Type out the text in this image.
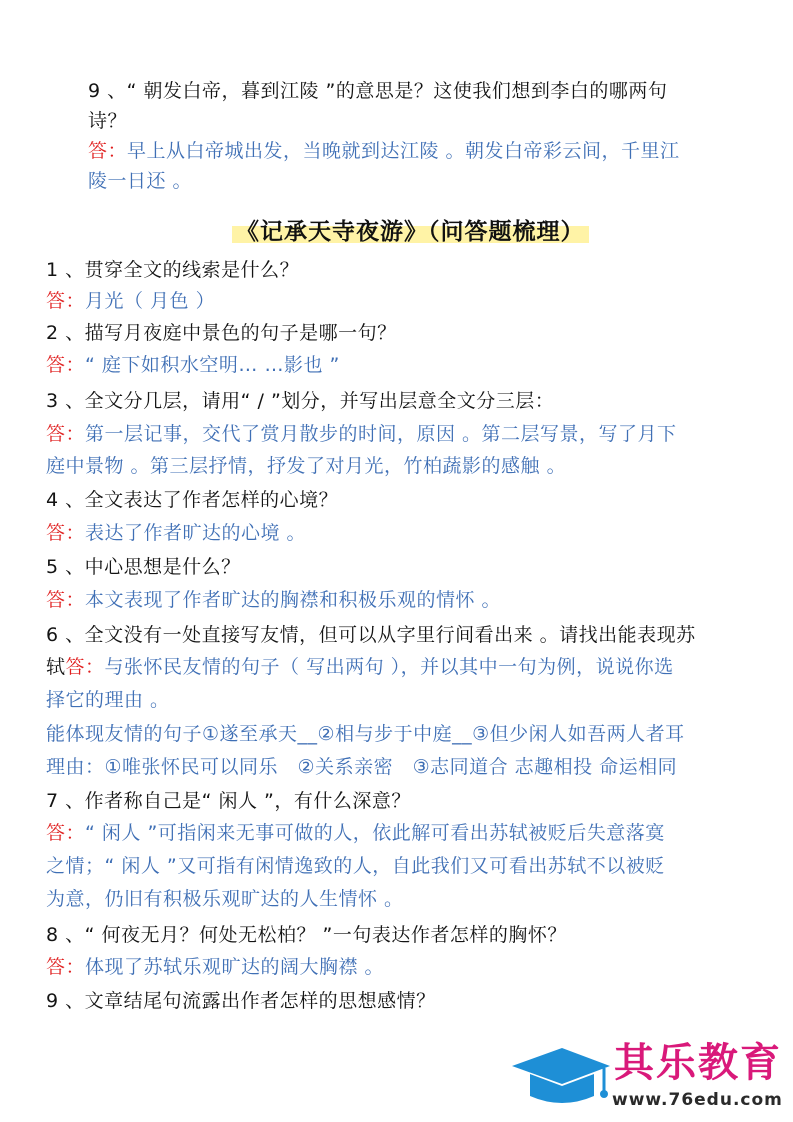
9 、“ 朝发白帝，暮到江陵 ”的意思是？这使我们想到李白的哪两句
诗？
答：早上从白帝城出发，当晚就到达江陵 。朝发白帝彩云间，千里江
陵一日还 。
《记承天寺夜游》（问答题梳理）
1 、贯穿全文的线索是什么？
答：月光（ 月色 ）
2 、描写月夜庭中景色的句子是哪一句？
答：“ 庭下如积水空明… …影也 ”
3 、全文分几层，请用“ / ”划分，并写出层意全文分三层：
答：第一层记事，交代了赏月散步的时间，原因 。第二层写景，写了月下
庭中景物 。第三层抒情，抒发了对月光，竹柏蔬影的感触 。
4 、全文表达了作者怎样的心境？
答：表达了作者旷达的心境 。
5 、中心思想是什么？
答：本文表现了作者旷达的胸襟和积极乐观的情怀 。
6 、全文没有一处直接写友情，但可以从字里行间看出来 。请找出能表现苏
轼答：与张怀民友情的句子（ 写出两句 ），并以其中一句为例，说说你选
择它的理由 。
能体现友情的句子①遂至承天__②相与步于中庭__③但少闲人如吾两人者耳
理由：①唯张怀民可以同乐　②关系亲密　③志同道合 志趣相投 命运相同
7 、作者称自己是“ 闲人 ”，有什么深意？
答：“ 闲人 ”可指闲来无事可做的人，依此解可看出苏轼被贬后失意落寞
之情；“ 闲人 ”又可指有闲情逸致的人，自此我们又可看出苏轼不以被贬
为意，仍旧有积极乐观旷达的人生情怀 。
8 、“ 何夜无月？何处无松柏？ ”一句表达作者怎样的胸怀？
答：体现了苏轼乐观旷达的阔大胸襟 。
9 、文章结尾句流露出作者怎样的思想感情？
其乐教育
www.76edu.com
